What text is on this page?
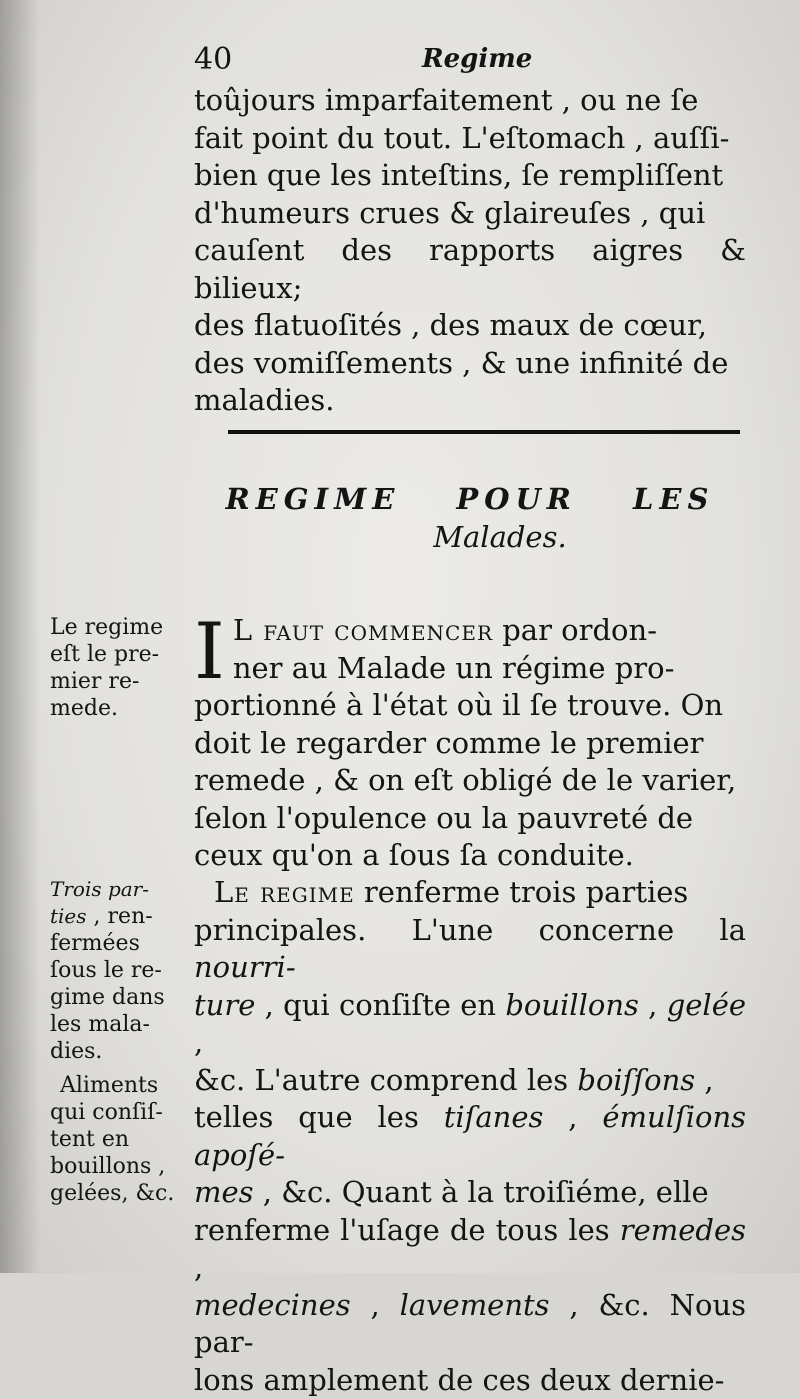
40	Regime

toûjours imparfaitement , ou ne ſe

fait point du tout. L'eſtomach , auſſi-

bien que les inteſtins, ſe rempliſſent

d'humeurs crues & glaireuſes , qui

cauſent des rapports aigres & bilieux;

des flatuoſités , des maux de cœur,

des vomiſſements , & une infinité de

maladies.

REGIME POUR LES
Malades.
I L faut commencer par ordon-

ner au Malade un régime pro-

portionné à l'état où il ſe trouve. On

doit le regarder comme le premier

remede , & on eſt obligé de le varier,

ſelon l'opulence ou la pauvreté de

ceux qu'on a ſous ſa conduite.

Le regime renferme trois parties

principales. L'une concerne la nourri-

ture , qui conſiſte en bouillons , gelée ,

&c. L'autre comprend les boiſſons ,

telles que les tiſanes , émulſions apoſé-

mes , &c. Quant à la troiſiéme, elle

renferme l'uſage de tous les remedes ,

medecines , lavements , &c. Nous par-

lons amplement de ces deux dernie-

Le regime
eſt le pre-
mier re-
mede.
Trois par-
ties , ren-
fermées
ſous le re-
gime dans
les mala-
dies.
Aliments
qui conſiſ-
tent en
bouillons ,
gelées, &c.
